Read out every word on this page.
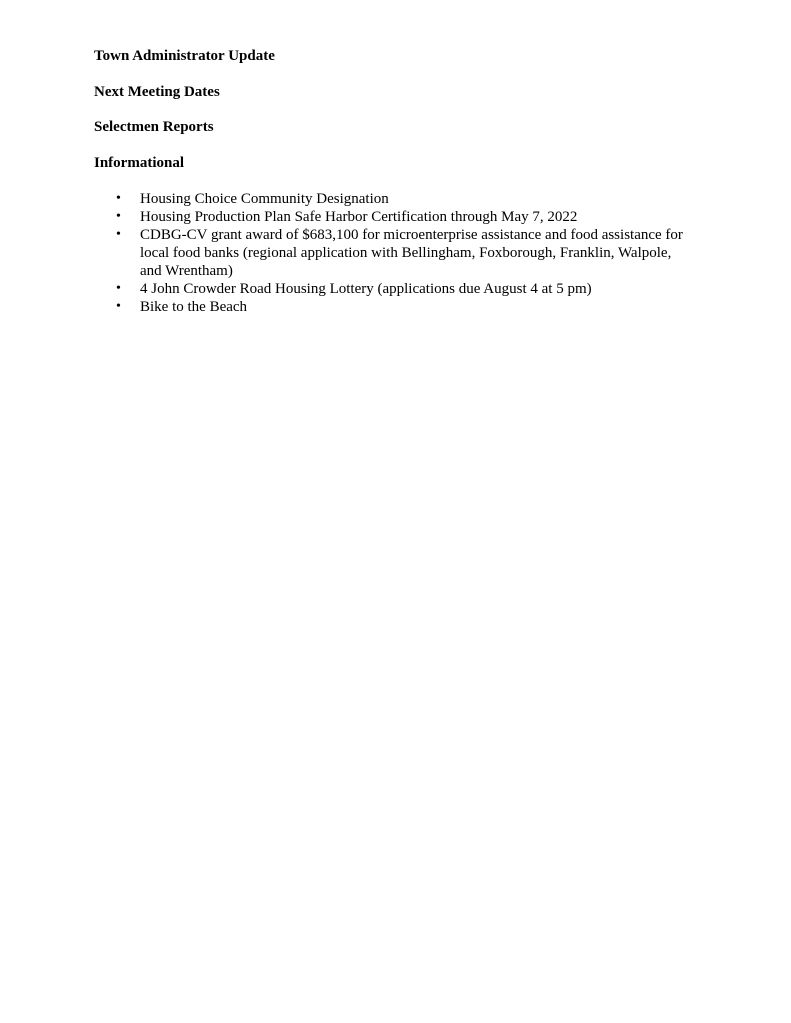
Town Administrator Update

Next Meeting Dates

Selectmen Reports

Informational

• Housing Choice Community Designation
• Housing Production Plan Safe Harbor Certification through May 7, 2022
• CDBG-CV grant award of $683,100 for microenterprise assistance and food assistance for local food banks (regional application with Bellingham, Foxborough, Franklin, Walpole, and Wrentham)
• 4 John Crowder Road Housing Lottery (applications due August 4 at 5 pm)
• Bike to the Beach
